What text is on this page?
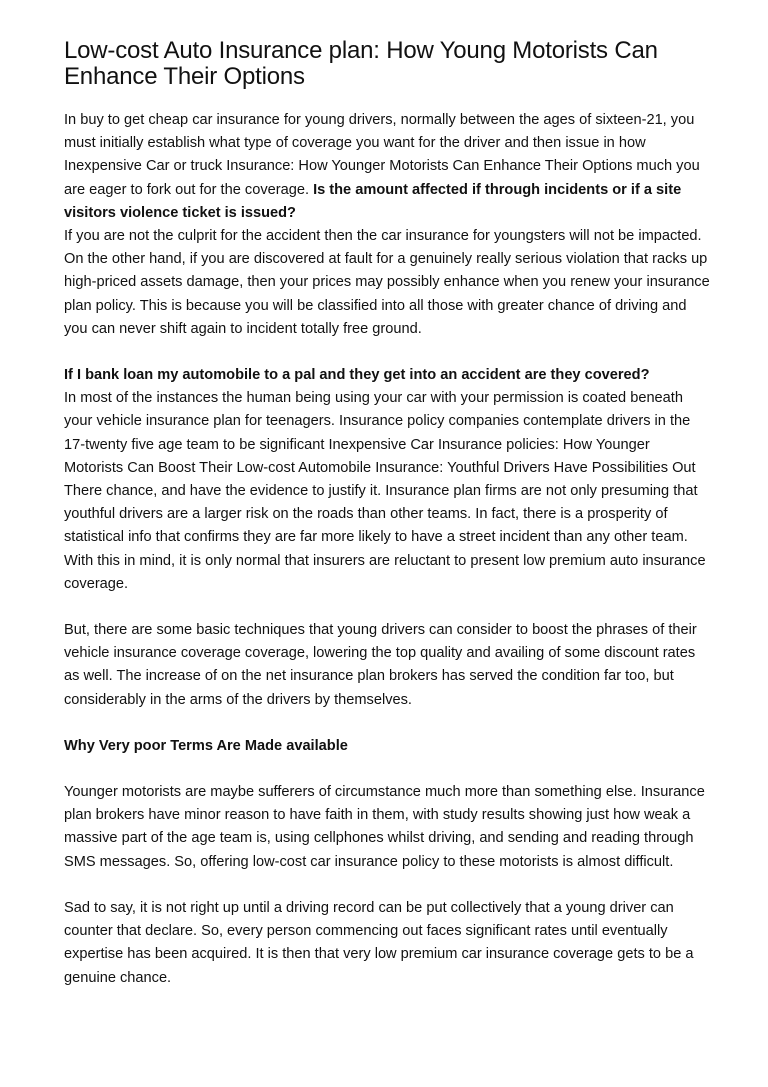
Low-cost Auto Insurance plan: How Young Motorists Can Enhance Their Options

In buy to get cheap car insurance for young drivers, normally between the ages of sixteen-21, you must initially establish what type of coverage you want for the driver and then issue in how Inexpensive Car or truck Insurance: How Younger Motorists Can Enhance Their Options much you are eager to fork out for the coverage. Is the amount affected if through incidents or if a site visitors violence ticket is issued?

If you are not the culprit for the accident then the car insurance for youngsters will not be impacted. On the other hand, if you are discovered at fault for a genuinely really serious violation that racks up high-priced assets damage, then your prices may possibly enhance when you renew your insurance plan policy. This is because you will be classified into all those with greater chance of driving and you can never shift again to incident totally free ground.

If I bank loan my automobile to a pal and they get into an accident are they covered?

In most of the instances the human being using your car with your permission is coated beneath your vehicle insurance plan for teenagers. Insurance policy companies contemplate drivers in the 17-twenty five age team to be significant Inexpensive Car Insurance policies: How Younger Motorists Can Boost Their Low-cost Automobile Insurance: Youthful Drivers Have Possibilities Out There chance, and have the evidence to justify it. Insurance plan firms are not only presuming that youthful drivers are a larger risk on the roads than other teams. In fact, there is a prosperity of statistical info that confirms they are far more likely to have a street incident than any other team. With this in mind, it is only normal that insurers are reluctant to present low premium auto insurance coverage.

But, there are some basic techniques that young drivers can consider to boost the phrases of their vehicle insurance coverage coverage, lowering the top quality and availing of some discount rates as well. The increase of on the net insurance plan brokers has served the condition far too, but considerably in the arms of the drivers by themselves.

Why Very poor Terms Are Made available

Younger motorists are maybe sufferers of circumstance much more than something else. Insurance plan brokers have minor reason to have faith in them, with study results showing just how weak a massive part of the age team is, using cellphones whilst driving, and sending and reading through SMS messages. So, offering low-cost car insurance policy to these motorists is almost difficult.

Sad to say, it is not right up until a driving record can be put collectively that a young driver can counter that declare. So, every person commencing out faces significant rates until eventually expertise has been acquired. It is then that very low premium car insurance coverage gets to be a genuine chance.
